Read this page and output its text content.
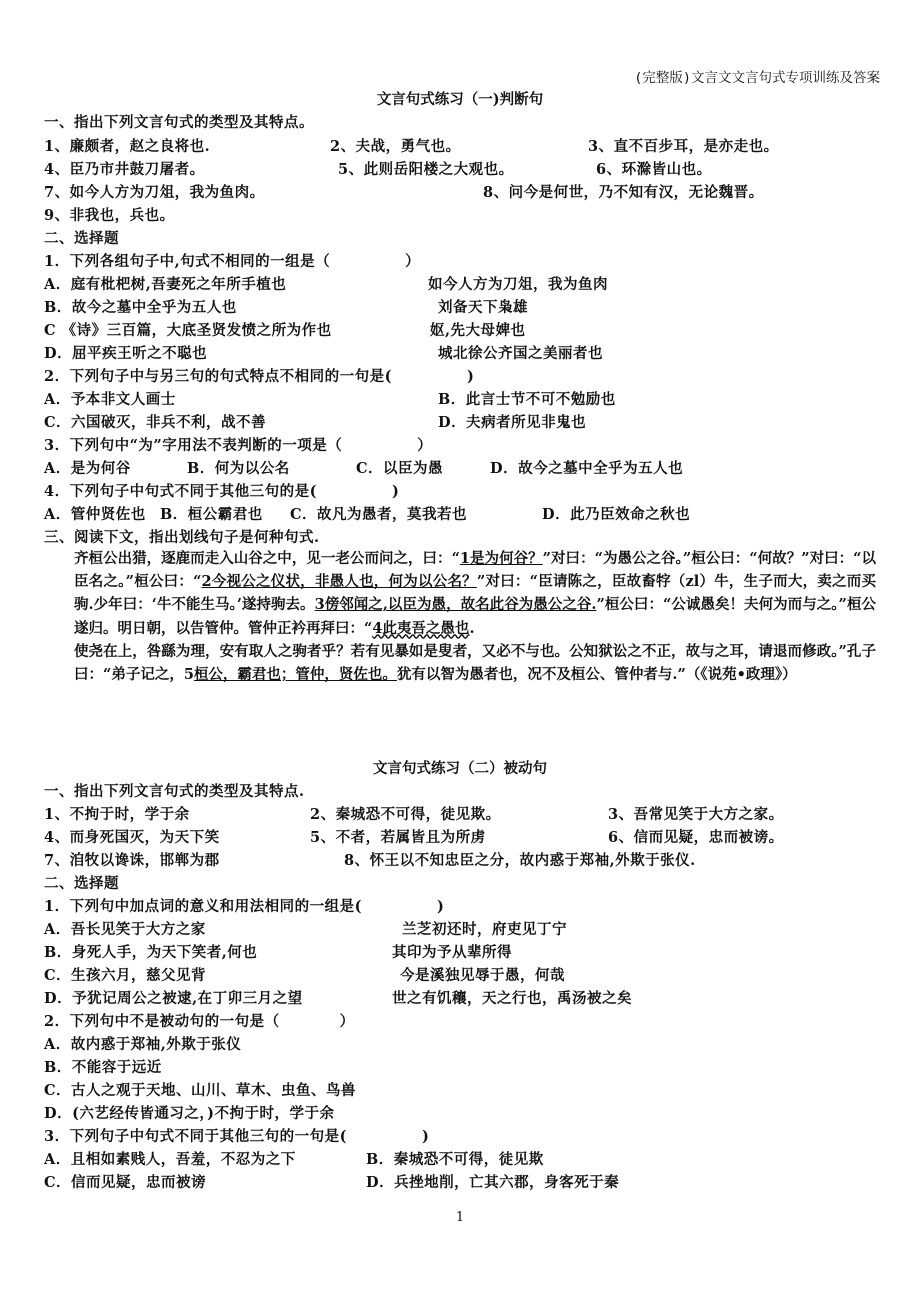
(完整版)文言文文言句式专项训练及答案
文言句式练习（一)判断句
一、指出下列文言句式的类型及其特点。
1、廉颇者，赵之良将也.	2、夫战，勇气也。	3、直不百步耳，是亦走也。
4、臣乃市井鼓刀屠者。	5、此则岳阳楼之大观也。	6、环滁皆山也。
7、如今人方为刀俎，我为鱼肉。	8、问今是何世，乃不知有汉，无论魏晋。
9、非我也，兵也。
二、选择题
1．下列各组句子中,句式不相同的一组是（　　　　　）
A．庭有枇杷树,吾妻死之年所手植也	如今人方为刀俎，我为鱼肉
B．故今之墓中全乎为五人也	刘备天下枭雄
C 《诗》三百篇，大底圣贤发愤之所为作也	妪,先大母婢也
D．屈平疾王听之不聪也	城北徐公齐国之美丽者也
2．下列句子中与另三句的句式特点不相同的一句是(　　　　　)
A．予本非文人画士	B．此言士节不可不勉励也
C．六国破灭，非兵不利，战不善	D．夫病者所见非鬼也
3．下列句中“为”字用法不表判断的一项是（　　　　　）
A．是为何谷	B．何为以公名	C．以臣为愚	D．故今之墓中全乎为五人也
4．下列句子中句式不同于其他三句的是(　　　　　)
A．管仲贤佐也 B．桓公霸君也 C．故凡为愚者，莫我若也	D．此乃臣效命之秋也
三、阅读下文，指出划线句子是何种句式.
齐桓公出猎，逐鹿而走入山谷之中，见一老公而问之，曰：“1是为何谷？”对曰：“为愚公之谷。”桓公曰：“何故？”对曰：“以臣名之。”桓公曰：“2今视公之仪状，非愚人也，何为以公名？”对曰：“臣请陈之，臣故畜牸（zl）牛，生子而大，卖之而买驹.少年曰：‘牛不能生马。’遂持驹去。3傍邻闻之,以臣为愚，故名此谷为愚公之谷.”桓公曰：“公诚愚矣！夫何为而与之。”桓公遂归。明日朝，以告管仲。管仲正衿再拜曰：“4此夷吾之愚也.
使尧在上，咎繇为理，安有取人之驹者乎？若有见暴如是叟者，又必不与也。公知狱讼之不正，故与之耳，请退而修政。”孔子曰：“弟子记之，5桓公，霸君也；管仲，贤佐也。犹有以智为愚者也，况不及桓公、管仲者与.”（《说苑•政理》）
文言句式练习（二）被动句
一、指出下列文言句式的类型及其特点.
1、不拘于时，学于余	2、秦城恐不可得，徒见欺。	3、吾常见笑于大方之家。
4、而身死国灭，为天下笑	5、不者，若属皆且为所虏	6、信而见疑，忠而被谤。
7、洎牧以谗诛，邯郸为郡	8、怀王以不知忠臣之分，故内惑于郑袖,外欺于张仪.
二、选择题
1．下列句中加点词的意义和用法相同的一组是(　　　　　)
A．吾长见笑于大方之家	兰芝初还时，府吏见丁宁
B．身死人手，为天下笑者,何也	其印为予从辈所得
C．生孩六月，慈父见背	今是溪独见辱于愚，何哉
D．予犹记周公之被逮,在丁卯三月之望	世之有饥穰，天之行也，禹汤被之矣
2．下列句中不是被动句的一句是（　　　　）
A．故内惑于郑袖,外欺于张仪
B．不能容于远近
C．古人之观于天地、山川、草木、虫鱼、鸟兽
D．(六艺经传皆通习之，)不拘于时，学于余
3．下列句子中句式不同于其他三句的一句是(　　　　　)
A．且相如素贱人，吾羞，不忍为之下	B．秦城恐不可得，徒见欺
C．信而见疑，忠而被谤	D．兵挫地削，亡其六郡，身客死于秦
1
